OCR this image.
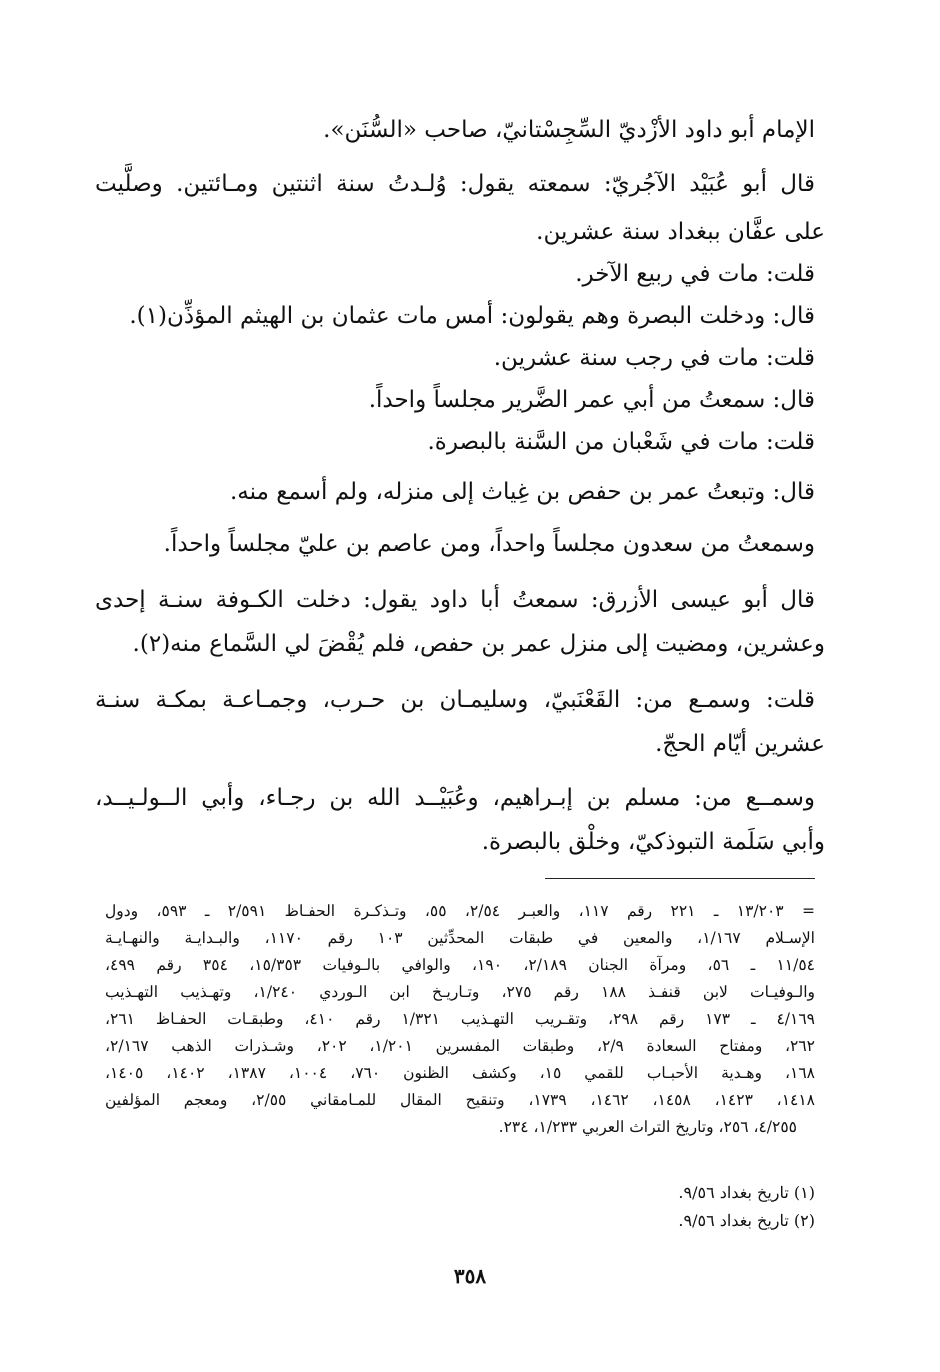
الإمام أبو داود الأزْديّ السِّجِسْتانيّ، صاحب «السُّنَن».
قال أبو عُبَيْد الآجُريّ: سمعته يقول: وُلـدتُ سنة اثنتين ومـائتين. وصلَّيت
على عفَّان ببغداد سنة عشرين.
قلت: مات في ربيع الآخر.
قال: ودخلت البصرة وهم يقولون: أمس مات عثمان بن الهيثم المؤذِّن(١).
قلت: مات في رجب سنة عشرين.
قال: سمعتُ من أبي عمر الضَّرير مجلساً واحداً.
قلت: مات في شَعْبان من السَّنة بالبصرة.
قال: وتبعتُ عمر بن حفص بن غِياث إلى منزله، ولم أسمع منه.
وسمعتُ من سعدون مجلساً واحداً، ومن عاصم بن عليّ مجلساً واحداً.
قال أبو عيسى الأزرق: سمعتُ أبا داود يقول: دخلت الكـوفة سنـة إحدى
وعشرين، ومضيت إلى منزل عمر بن حفص، فلم يُقْضَ لي السَّماع منه(٢).
قلت: وسمـع من: القَعْنَبيّ، وسليمـان بن حـرب، وجمـاعـة بمكـة سنـة
عشرين أيّام الحجّ.
وسمــع من: مسلم بن إبـراهيم، وعُبَيْــد الله بن رجـاء، وأبي الــولـيــد،
وأبي سَلَمة التبوذكيّ، وخلْق بالبصرة.
= ١٣/٢٠٣ ـ ٢٢١ رقم ١١٧، والعبـر ٢/٥٤، ٥٥، وتـذكـرة الحفـاظ ٢/٥٩١ ـ ٥٩٣، ودول
الإسـلام ١/١٦٧، والمعين في طبقات المحدِّثين ١٠٣ رقم ١١٧٠، والبـدايـة والنهـايـة
١١/٥٤ ـ ٥٦، ومرآة الجنان ٢/١٨٩، ١٩٠، والوافي بالـوفيات ١٥/٣٥٣، ٣٥٤ رقم ٤٩٩،
والـوفيـات لابن قنفـذ ١٨٨ رقم ٢٧٥، وتـاريـخ ابن الـوردي ١/٢٤٠، وتهـذيب التهـذيب
٤/١٦٩ ـ ١٧٣ رقم ٢٩٨، وتقـريب التهـذيب ١/٣٢١ رقم ٤١٠، وطبقـات الحفـاظ ٢٦١،
٢٦٢، ومفتاح السعادة ٢/٩، وطبقات المفسرين ١/٢٠١، ٢٠٢، وشـذرات الذهب ٢/١٦٧،
١٦٨، وهـدية الأحبـاب للقمي ١٥، وكشف الظنون ٧٦٠، ١٠٠٤، ١٣٨٧، ١٤٠٢، ١٤٠٥،
١٤١٨، ١٤٢٣، ١٤٥٨، ١٤٦٢، ١٧٣٩، وتنقيح المقال للمـامقاني ٢/٥٥، ومعجم المؤلفين
٤/٢٥٥، ٢٥٦، وتاريخ التراث العربي ١/٢٣٣، ٢٣٤.
(١) تاريخ بغداد ٩/٥٦.
(٢) تاريخ بغداد ٩/٥٦.
٣٥٨
